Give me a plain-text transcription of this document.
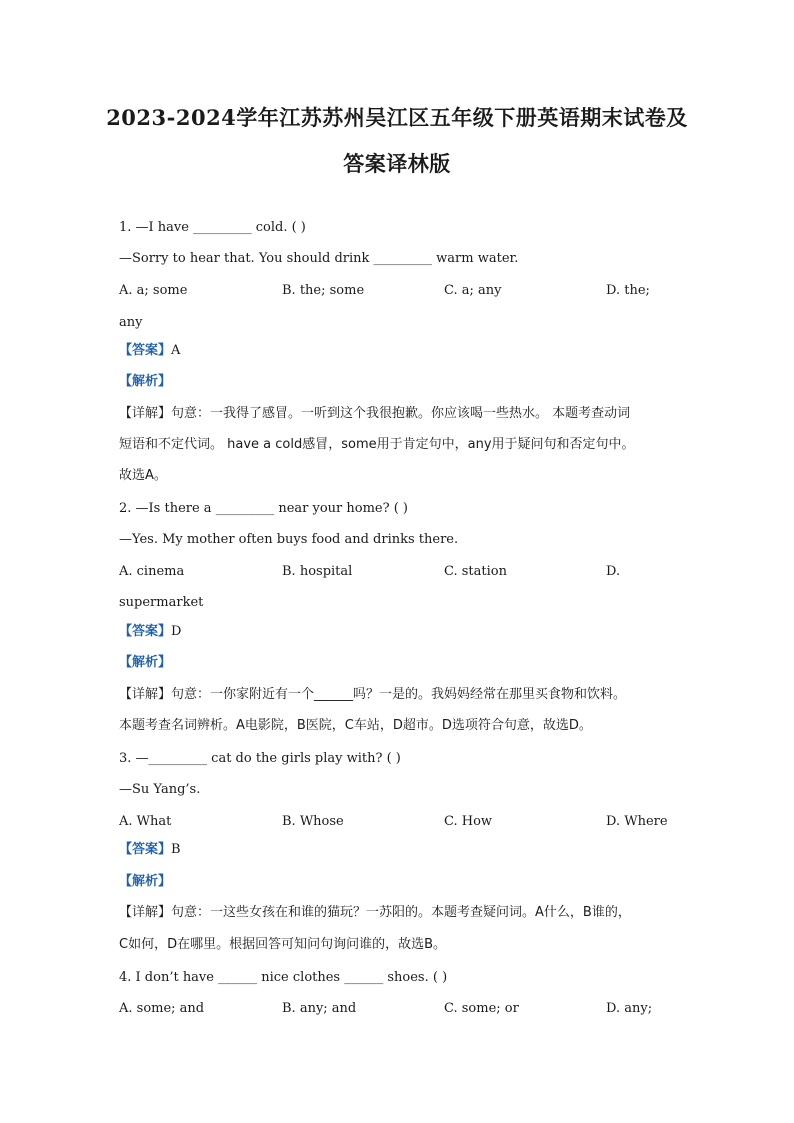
2023-2024学年江苏苏州吴江区五年级下册英语期末试卷及
答案译林版
1. —I have _________ cold. ( )
—Sorry to hear that. You should drink _________ warm water.
A. a; some	B. the; some	C. a; any	D. the;
any
【答案】A
【解析】
【详解】句意：一我得了感冒。一听到这个我很抱歉。你应该喝一些热水。 本题考查动词
短语和不定代词。 have a cold感冒，some用于肯定句中，any用于疑问句和否定句中。
故选A。
2. —Is there a _________ near your home? ( )
—Yes. My mother often buys food and drinks there.
A. cinema	B. hospital	C. station	D.
supermarket
【答案】D
【解析】
【详解】句意：一你家附近有一个______吗？一是的。我妈妈经常在那里买食物和饮料。
本题考查名词辨析。A电影院，B医院，C车站，D超市。D选项符合句意，故选D。
3. —_________ cat do the girls play with? ( )
—Su Yang’s.
A. What	B. Whose	C. How	D. Where
【答案】B
【解析】
【详解】句意：一这些女孩在和谁的猫玩？一苏阳的。本题考查疑问词。A什么，B谁的，
C如何，D在哪里。根据回答可知问句询问谁的，故选B。
4. I don’t have ______ nice clothes ______ shoes. ( )
A. some; and	B. any; and	C. some; or	D. any;
